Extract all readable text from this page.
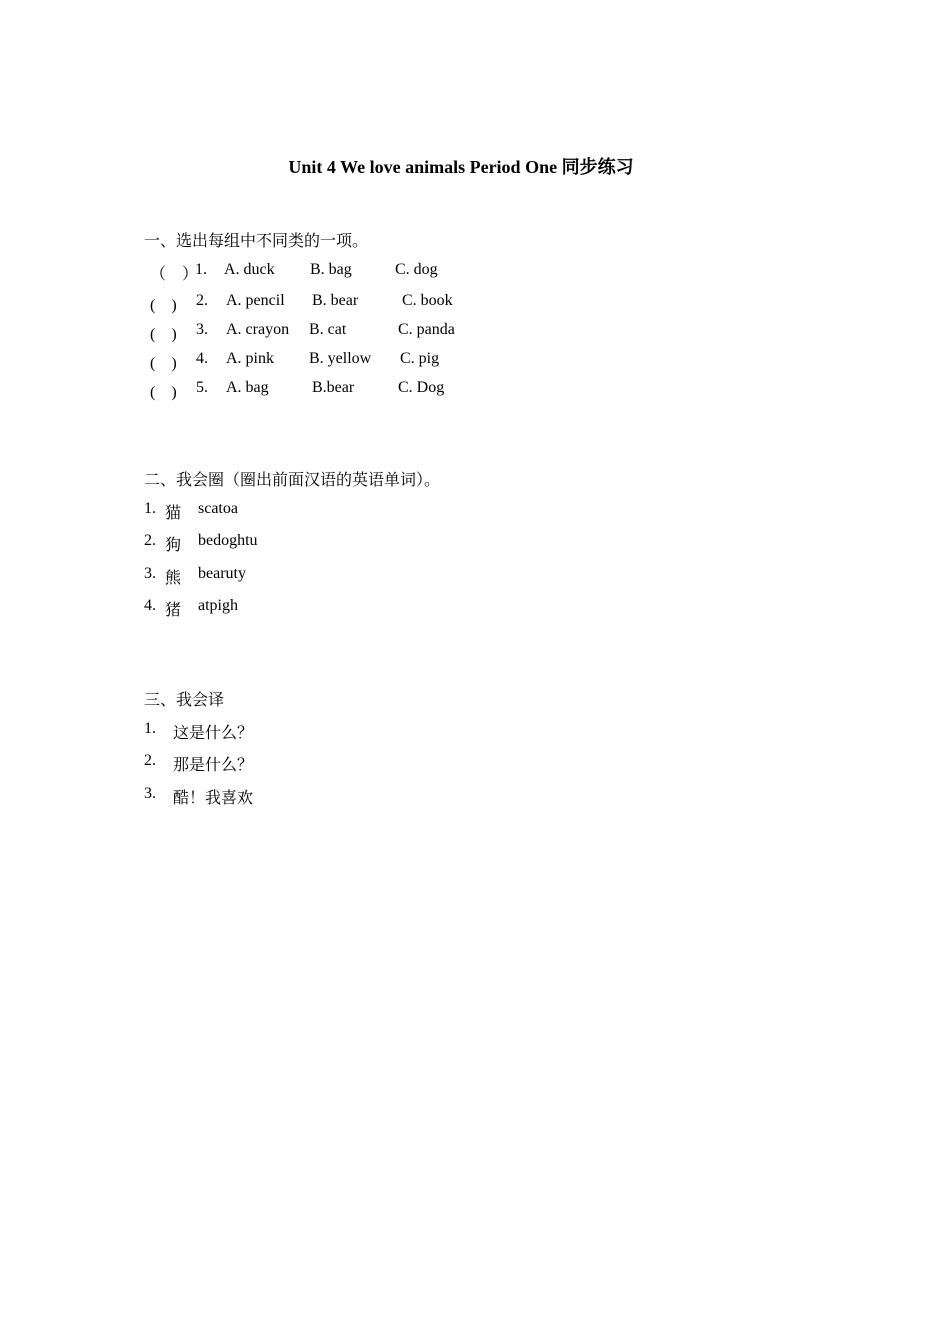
Unit 4 We love animals Period One 同步练习
一、选出每组中不同类的一项。
（　）
1. A. duck B. bag	C. dog
(　) 2. A. pencil B. bear	C. book
(　) 3. A. crayon B. cat	C. panda
(　) 4. A. pink B. yellow C. pig
(　) 5. A. bag	B.bear	C. Dog
二、我会圈（圈出前面汉语的英语单词）。
1. 猫 scatoa
2. 狗 bedoghtu
3. 熊 bearuty
4. 猪 atpigh
三、我会译
1. 这是什么？
2. 那是什么？
3. 酷！我喜欢
